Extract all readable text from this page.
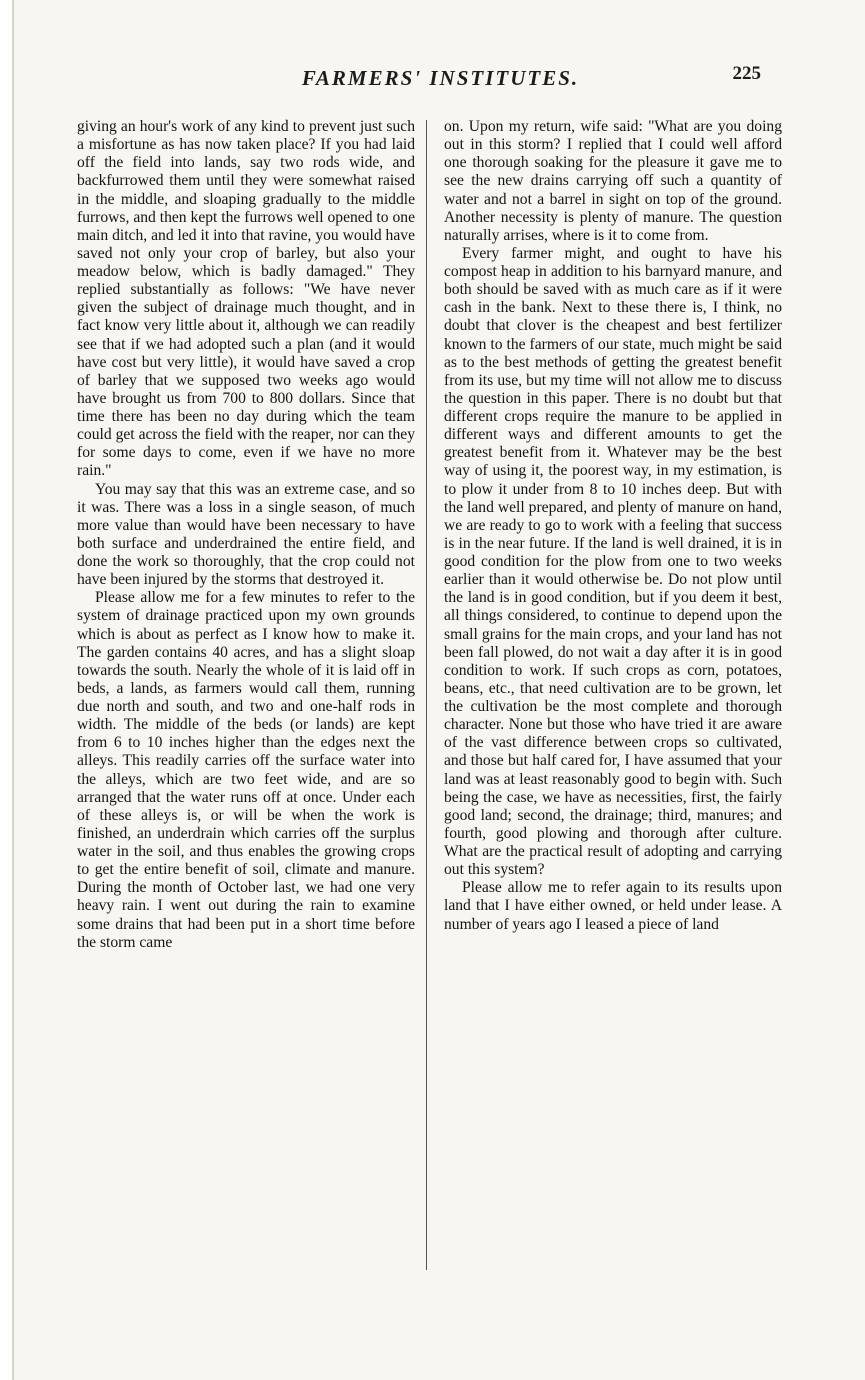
FARMERS' INSTITUTES.	225

giving an hour's work of any kind to prevent just such a misfortune as has now taken place? If you had laid off the field into lands, say two rods wide, and backfurrowed them until they were somewhat raised in the middle, and sloaping gradually to the middle furrows, and then kept the furrows well opened to one main ditch, and led it into that ravine, you would have saved not only your crop of barley, but also your meadow below, which is badly damaged." They replied substantially as follows: "We have never given the subject of drainage much thought, and in fact know very little about it, although we can readily see that if we had adopted such a plan (and it would have cost but very little), it would have saved a crop of barley that we supposed two weeks ago would have brought us from 700 to 800 dollars. Since that time there has been no day during which the team could get across the field with the reaper, nor can they for some days to come, even if we have no more rain."

You may say that this was an extreme case, and so it was. There was a loss in a single season, of much more value than would have been necessary to have both surface and underdrained the entire field, and done the work so thoroughly, that the crop could not have been injured by the storms that destroyed it.

Please allow me for a few minutes to refer to the system of drainage practiced upon my own grounds which is about as perfect as I know how to make it. The garden contains 40 acres, and has a slight sloap towards the south. Nearly the whole of it is laid off in beds, a lands, as farmers would call them, running due north and south, and two and one-half rods in width. The middle of the beds (or lands) are kept from 6 to 10 inches higher than the edges next the alleys. This readily carries off the surface water into the alleys, which are two feet wide, and are so arranged that the water runs off at once. Under each of these alleys is, or will be when the work is finished, an underdrain which carries off the surplus water in the soil, and thus enables the growing crops to get the entire benefit of soil, climate and manure. During the month of October last, we had one very heavy rain. I went out during the rain to examine some drains that had been put in a short time before the storm came

on. Upon my return, wife said: "What are you doing out in this storm? I replied that I could well afford one thorough soaking for the pleasure it gave me to see the new drains carrying off such a quantity of water and not a barrel in sight on top of the ground. Another necessity is plenty of manure. The question naturally arrises, where is it to come from.

Every farmer might, and ought to have his compost heap in addition to his barnyard manure, and both should be saved with as much care as if it were cash in the bank. Next to these there is, I think, no doubt that clover is the cheapest and best fertilizer known to the farmers of our state, much might be said as to the best methods of getting the greatest benefit from its use, but my time will not allow me to discuss the question in this paper. There is no doubt but that different crops require the manure to be applied in different ways and different amounts to get the greatest benefit from it. Whatever may be the best way of using it, the poorest way, in my estimation, is to plow it under from 8 to 10 inches deep. But with the land well prepared, and plenty of manure on hand, we are ready to go to work with a feeling that success is in the near future. If the land is well drained, it is in good condition for the plow from one to two weeks earlier than it would otherwise be. Do not plow until the land is in good condition, but if you deem it best, all things considered, to continue to depend upon the small grains for the main crops, and your land has not been fall plowed, do not wait a day after it is in good condition to work. If such crops as corn, potatoes, beans, etc., that need cultivation are to be grown, let the cultivation be the most complete and thorough character. None but those who have tried it are aware of the vast difference between crops so cultivated, and those but half cared for, I have assumed that your land was at least reasonably good to begin with. Such being the case, we have as necessities, first, the fairly good land; second, the drainage; third, manures; and fourth, good plowing and thorough after culture. What are the practical result of adopting and carrying out this system?

Please allow me to refer again to its results upon land that I have either owned, or held under lease. A number of years ago I leased a piece of land
